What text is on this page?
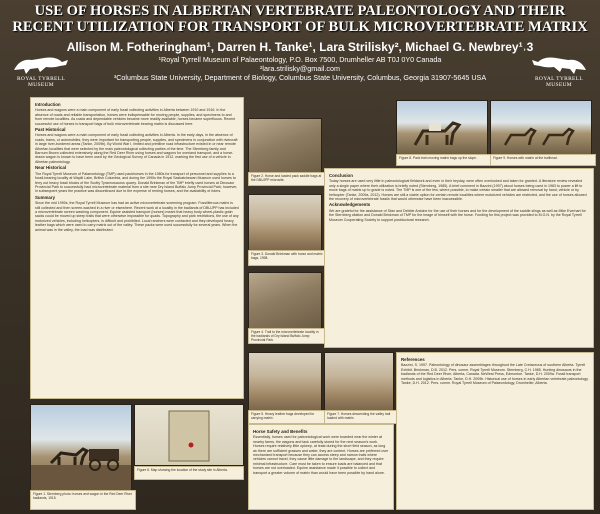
USE OF HORSES IN ALBERTAN VERTEBRATE PALEONTOLOGY AND THEIR RECENT UTILIZATION FOR TRANSPORT OF BULK MICROVERTEBRATE MATRIX
Allison M. Fotheringham¹, Darren H. Tanke¹, Lara Strilisky², Michael G. Newbrey¹˒3
¹Royal Tyrrell Museum of Palaeontology, P.O. Box 7500, Drumheller AB T0J 0Y0 Canada
²lara.strilisky@gmail.com
³Columbus State University, Department of Biology, Columbus State University, Columbus, Georgia 31907-5645 USA
ROYAL TYRRELL MUSEUM
ROYAL TYRRELL MUSEUM
Introduction

Horses and wagons were a main component of early fossil collecting activities in Alberta between 1910 and 1916. In the absence of roads and reliable transportation, horses were indispensable for moving people, supplies, and specimens to and from remote localities. As roads and dependable vehicles became more readily available, horses became superfluous. Recent successful use of horses to transport bags of bulk microvertebrate bearing matrix is discussed here.

Past Historical

Horses and wagons were a main component of early fossil collecting activities in Alberta. In the early days, in the absence of roads, trains, or automobiles, they were important for transporting people, supplies, and specimens in conjunction with rivercraft in large river-bordered areas (Tanke, 2009b). By World War I, limited and primitive road infrastructure existed in or near remote Albertan localities that were selected by the main paleontological collecting parties of the time. The Sternberg family and Barnum Brown collected extensively along the Red Deer River using horses and wagons for overland transport, and a horse-drawn wagon is known to have been used by the Geological Survey of Canada in 1912, marking the first use of a vehicle in Albertan paleontology.

Near Historical

The Royal Tyrrell Museum of Palaeontology (TMP) used packhorses in the 1980s for transport of personnel and supplies to a fossil-bearing locality at Wapiti Lake, British Columbia, and during the 1990s the Royal Saskatchewan Museum used horses to ferry out heavy fossil blocks of the Scotty Tyrannosaurus quarry. Donald Brinkman of the TMP briefly used horses at Dinosaur Provincial Park to successfully haul microvertebrate material from a site near Dry Island Buffalo Jump Provincial Park; however, in subsequent years the practice was discontinued due to the expense of renting horses, and the availability of riders.

Summary

Since the mid 1990s, the Royal Tyrrell Museum has had an active microvertebrate screening program. Fossiliferous matrix is still collected and then screen-washed in a river or elsewhere. Recent work at a locality in the badlands of DBUJPP has included a microvertebrate screen washing component. Equine assisted transport (horses) meant that heavy body wheel-plastic grain sacks could be moved up steep trails that were otherwise impossible for quads. Topography and park restrictions, the use of any motorized vehicles, including helicopters, is difficult and prohibited. Local ranchers were contacted and they developed heavy leather bags which were used to carry matrix out of the valley. These packs were used successfully for several years. When the animal was in the valley, the load was distributed.

Figure 1. Sternberg photo: horses and wagon in the Red Deer River badlands, 1915.
Figure 6. Map showing the location of the study site in Alberta.
Figure 2. Horse and loaded pack saddle bags at the DBUJPP microsite.
Figure 3. Donald Brinkman with horse and matrix bags, 1998.
Figure 4. Trail to the microvertebrate locality in the badlands of Dry Island Buffalo Jump Provincial Park.
Figure 5. Heavy leather bags developed for carrying matrix.
Figure 7. Horses descending the valley trail loaded with matrix.
Figure 8. Pack train moving matrix bags up the slope.	Figure 9. Horses with matrix at the trailhead.
Conclusion

Today horses are used very little in paleontological fieldwork and even in their heyday, were often overlooked and taken for granted. A literature review revealed only a single paper where their utilization is briefly noted (Sternberg, 1985). A brief comment in Bazzini (1997) about horses being used in 1983 to power a lift to move bags of matrix up to grade is noted. The TMP is one of the few, where possible, to make certain smaller that are allowed removal by hand, vehicle or by helicopter (Tanke, 2009a, 2012). Horses are still a viable option for certain remote localities where motorized vehicles are restricted, and the use of horses allowed the recovery of microvertebrate fossils that would otherwise have been inaccessible.

Acknowledgements

We are grateful for the assistance of Stan and Debbie Antoine for the use of their horses and for the development of the saddle slings as well as Mike Everhart for the Sternberg citation and Donald Brinkman of TMP for the image of himself with the horse. Funding for this project was provided to M.G.N. by the Royal Tyrrell Museum Cooperating Society to support postdoctoral research.

References

Bazzini, S. 1997. Paleontology of dinosaur assemblages throughout the Late Cretaceous of southern Alberta. Tyrrell Exhibit. Brinkman, D.B. 2012. Pers. comm. Royal Tyrrell Museum. Sternberg, C.H. 1985. Hunting dinosaurs in the badlands of the Red Deer River, Alberta, Canada. NeWest Press, Edmonton. Tanke, D.H. 2009a. Fossil transport methods and logistics in Alberta. Tanke, D.H. 2009b. Historical use of horses in early Albertan vertebrate paleontology. Tanke, D.H. 2012. Pers. comm. Royal Tyrrell Museum of Palaeontology, Drumheller, Alberta.

Horse Safety and Benefits

Essentially, horses used for paleontological work were boarded near the winter at nearby farms, the wagons and tack carefully stored for the next season's work. Horses require relatively little upkeep, at least during the short field season, as long as there are sufficient grasses and water, they are content. Horses are preferred over mechanized transport because they can access steep and narrow trails where vehicles cannot travel, they cause little damage to the landscape, and they require minimal infrastructure. Care must be taken to ensure loads are balanced and that horses are not overloaded. Equine assistance made it possible to collect and transport a greater volume of matrix than would have been possible by hand alone.
